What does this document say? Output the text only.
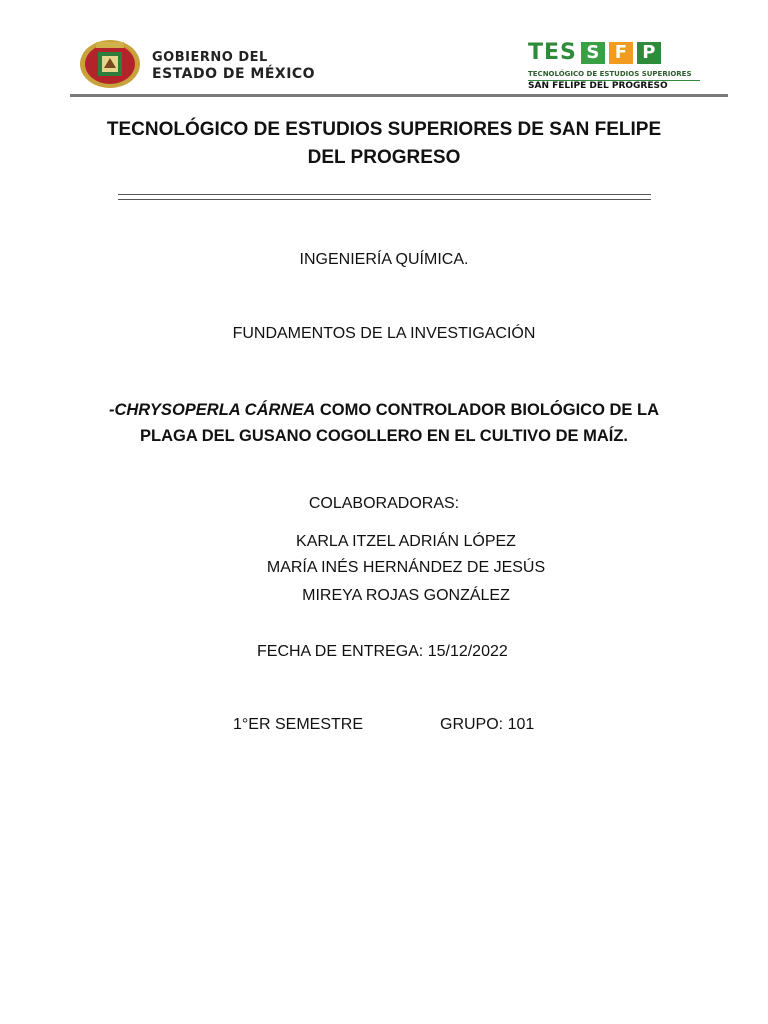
GOBIERNO DEL
ESTADO DE MÉXICO
TES S F P
TECNOLÓGICO DE ESTUDIOS SUPERIORES
SAN FELIPE DEL PROGRESO
TECNOLÓGICO DE ESTUDIOS SUPERIORES DE SAN FELIPE
DEL PROGRESO
INGENIERÍA QUÍMICA.
FUNDAMENTOS DE LA INVESTIGACIÓN
-CHRYSOPERLA CÁRNEA COMO CONTROLADOR BIOLÓGICO DE LA PLAGA DEL GUSANO COGOLLERO EN EL CULTIVO DE MAÍZ.
COLABORADORAS:
KARLA ITZEL ADRIÁN LÓPEZ
MARÍA INÉS HERNÁNDEZ DE JESÚS
MIREYA ROJAS GONZÁLEZ
FECHA DE ENTREGA: 15/12/2022
1°ER SEMESTRE	GRUPO: 101
